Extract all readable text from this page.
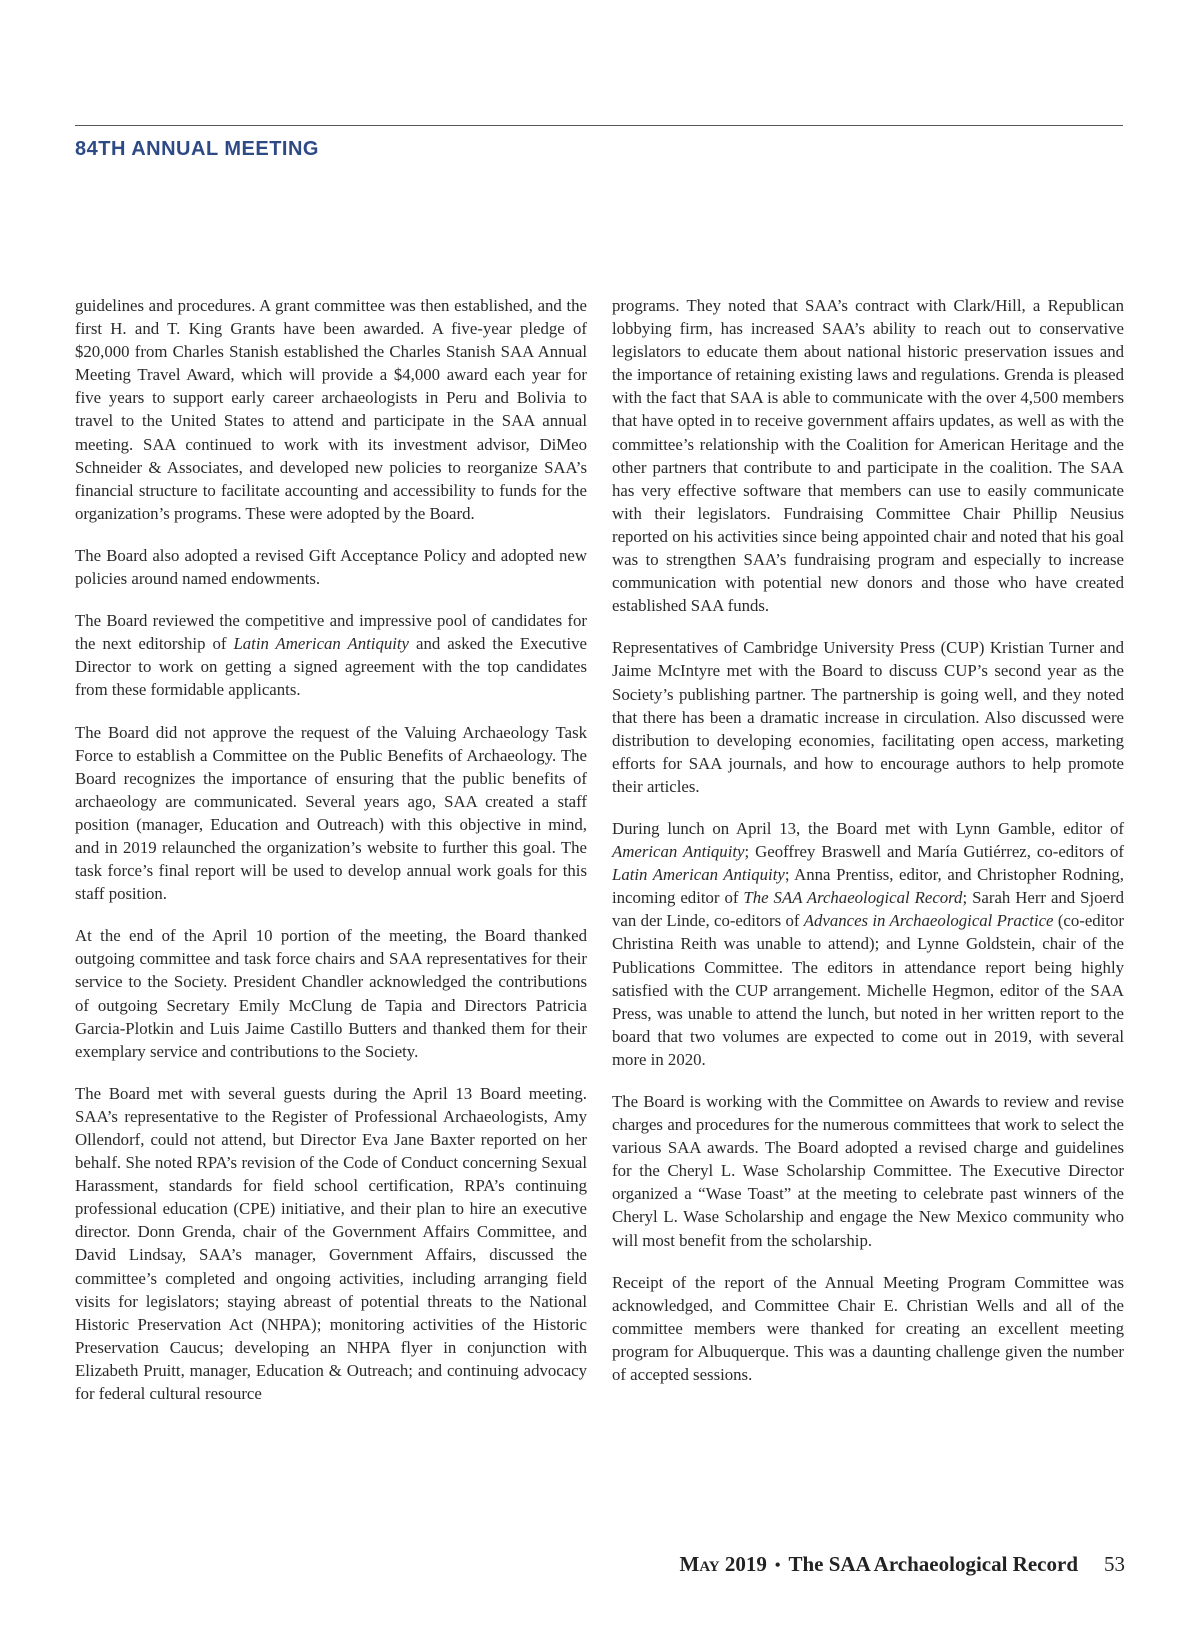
84TH ANNUAL MEETING

guidelines and procedures. A grant committee was then established, and the first H. and T. King Grants have been awarded. A five-year pledge of $20,000 from Charles Stanish established the Charles Stanish SAA Annual Meeting Travel Award, which will provide a $4,000 award each year for five years to support early career archaeologists in Peru and Bolivia to travel to the United States to attend and participate in the SAA annual meeting. SAA continued to work with its investment advisor, DiMeo Schneider & Associates, and developed new policies to reorganize SAA’s financial structure to facilitate accounting and accessibility to funds for the organization’s programs. These were adopted by the Board.

The Board also adopted a revised Gift Acceptance Policy and adopted new policies around named endowments.

The Board reviewed the competitive and impressive pool of candidates for the next editorship of Latin American Antiquity and asked the Executive Director to work on getting a signed agreement with the top candidates from these formidable applicants.

The Board did not approve the request of the Valuing Archaeology Task Force to establish a Committee on the Public Benefits of Archaeology. The Board recognizes the importance of ensuring that the public benefits of archaeology are communicated. Several years ago, SAA created a staff position (manager, Education and Outreach) with this objective in mind, and in 2019 relaunched the organization’s website to further this goal. The task force’s final report will be used to develop annual work goals for this staff position.

At the end of the April 10 portion of the meeting, the Board thanked outgoing committee and task force chairs and SAA representatives for their service to the Society. President Chandler acknowledged the contributions of outgoing Secretary Emily McClung de Tapia and Directors Patricia Garcia-Plotkin and Luis Jaime Castillo Butters and thanked them for their exemplary service and contributions to the Society.

The Board met with several guests during the April 13 Board meeting. SAA’s representative to the Register of Professional Archaeologists, Amy Ollendorf, could not attend, but Director Eva Jane Baxter reported on her behalf. She noted RPA’s revision of the Code of Conduct concerning Sexual Harassment, standards for field school certification, RPA’s continuing professional education (CPE) initiative, and their plan to hire an executive director. Donn Grenda, chair of the Government Affairs Committee, and David Lindsay, SAA’s manager, Government Affairs, discussed the committee’s completed and ongoing activities, including arranging field visits for legislators; staying abreast of potential threats to the National Historic Preservation Act (NHPA); monitoring activities of the Historic Preservation Caucus; developing an NHPA flyer in conjunction with Elizabeth Pruitt, manager, Education & Outreach; and continuing advocacy for federal cultural resource

programs. They noted that SAA’s contract with Clark/Hill, a Republican lobbying firm, has increased SAA’s ability to reach out to conservative legislators to educate them about national historic preservation issues and the importance of retaining existing laws and regulations. Grenda is pleased with the fact that SAA is able to communicate with the over 4,500 members that have opted in to receive government affairs updates, as well as with the committee’s relationship with the Coalition for American Heritage and the other partners that contribute to and participate in the coalition. The SAA has very effective software that members can use to easily communicate with their legislators. Fundraising Committee Chair Phillip Neusius reported on his activities since being appointed chair and noted that his goal was to strengthen SAA’s fundraising program and especially to increase communication with potential new donors and those who have created established SAA funds.

Representatives of Cambridge University Press (CUP) Kristian Turner and Jaime McIntyre met with the Board to discuss CUP’s second year as the Society’s publishing partner. The partnership is going well, and they noted that there has been a dramatic increase in circulation. Also discussed were distribution to developing economies, facilitating open access, marketing efforts for SAA journals, and how to encourage authors to help promote their articles.

During lunch on April 13, the Board met with Lynn Gamble, editor of American Antiquity; Geoffrey Braswell and María Gutiérrez, co-editors of Latin American Antiquity; Anna Prentiss, editor, and Christopher Rodning, incoming editor of The SAA Archaeological Record; Sarah Herr and Sjoerd van der Linde, co-editors of Advances in Archaeological Practice (co-editor Christina Reith was unable to attend); and Lynne Goldstein, chair of the Publications Committee. The editors in attendance report being highly satisfied with the CUP arrangement. Michelle Hegmon, editor of the SAA Press, was unable to attend the lunch, but noted in her written report to the board that two volumes are expected to come out in 2019, with several more in 2020.

The Board is working with the Committee on Awards to review and revise charges and procedures for the numerous committees that work to select the various SAA awards. The Board adopted a revised charge and guidelines for the Cheryl L. Wase Scholarship Committee. The Executive Director organized a “Wase Toast” at the meeting to celebrate past winners of the Cheryl L. Wase Scholarship and engage the New Mexico community who will most benefit from the scholarship.

Receipt of the report of the Annual Meeting Program Committee was acknowledged, and Committee Chair E. Christian Wells and all of the committee members were thanked for creating an excellent meeting program for Albuquerque. This was a daunting challenge given the number of accepted sessions.

May 2019 • The SAA Archaeological Record 53
